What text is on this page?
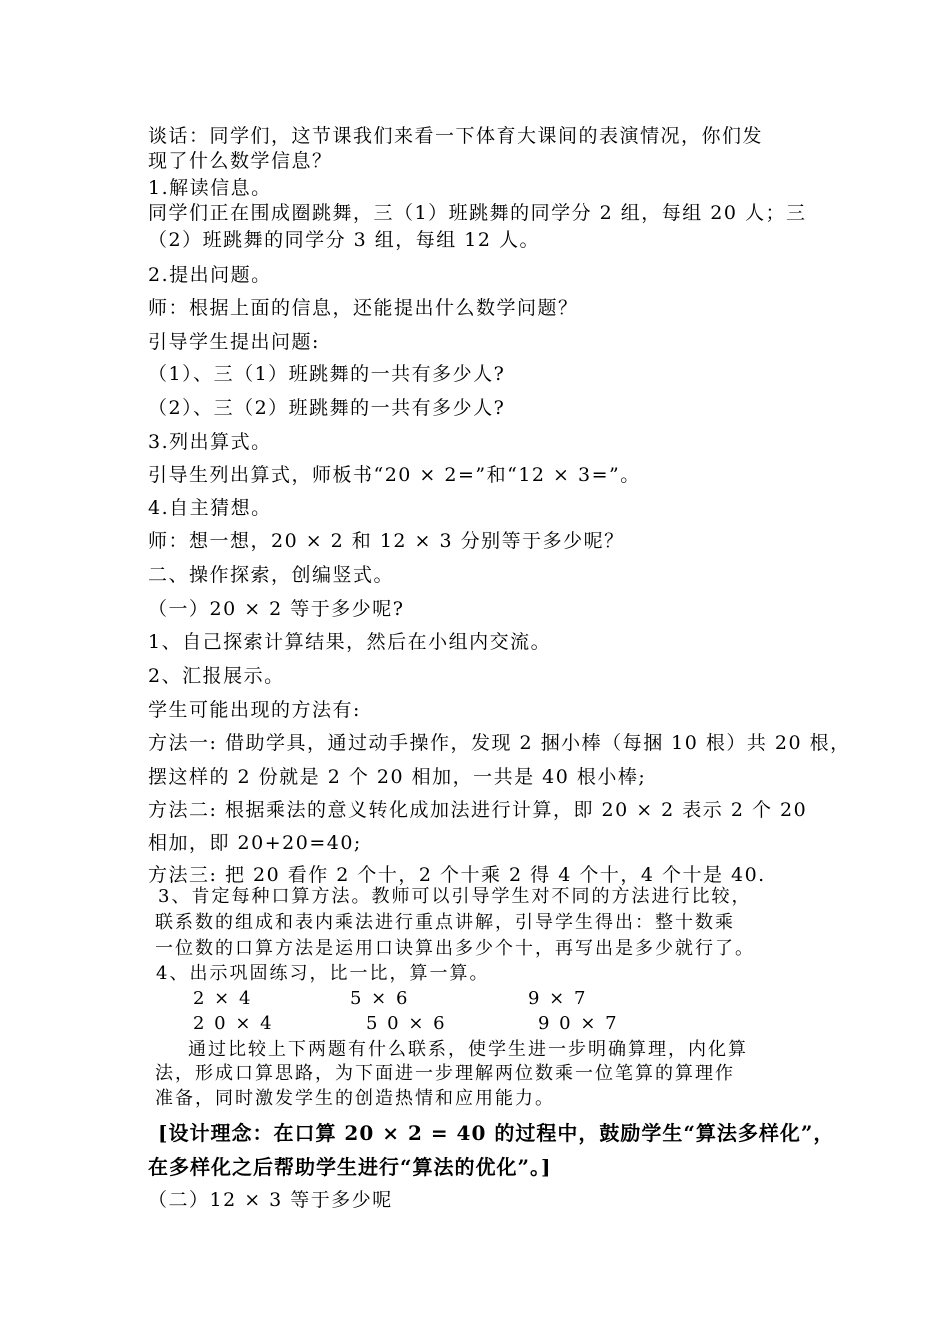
谈话：同学们，这节课我们来看一下体育大课间的表演情况，你们发
现了什么数学信息？
1.解读信息。
同学们正在围成圈跳舞，三（1）班跳舞的同学分 2 组，每组 20 人；三
（2）班跳舞的同学分 3 组，每组 12 人。
2.提出问题。
师：根据上面的信息，还能提出什么数学问题？
引导学生提出问题:
（1）、三（1）班跳舞的一共有多少人?
（2）、三（2）班跳舞的一共有多少人?
3.列出算式。
引导生列出算式，师板书“20 × 2=”和“12 × 3=”。
4.自主猜想。
师：想一想，20 × 2 和 12 × 3 分别等于多少呢？
二、操作探索，创编竖式。
（一）20 × 2 等于多少呢?
1、自己探索计算结果，然后在小组内交流。
2、汇报展示。
学生可能出现的方法有:
方法一: 借助学具，通过动手操作，发现 2 捆小棒（每捆 10 根）共 20 根，
摆这样的 2 份就是 2 个 20 相加，一共是 40 根小棒;
方法二: 根据乘法的意义转化成加法进行计算，即 20 × 2 表示 2 个 20
相加，即 20+20=40;
方法三: 把 20 看作 2 个十，2 个十乘 2 得 4 个十，4 个十是 40.
3、肯定每种口算方法。教师可以引导学生对不同的方法进行比较，
联系数的组成和表内乘法进行重点讲解，引导学生得出：整十数乘
一位数的口算方法是运用口诀算出多少个十，再写出是多少就行了。
4、出示巩固练习，比一比，算一算。
2 × 4	5 × 6	9 × 7
2 0 × 4	5 0 × 6	9 0 × 7
通过比较上下两题有什么联系，使学生进一步明确算理，内化算
法，形成口算思路，为下面进一步理解两位数乘一位笔算的算理作
准备，同时激发学生的创造热情和应用能力。
[设计理念：在口算 20 × 2 = 40 的过程中，鼓励学生“算法多样化”，
在多样化之后帮助学生进行“算法的优化”。]
（二）12 × 3 等于多少呢
